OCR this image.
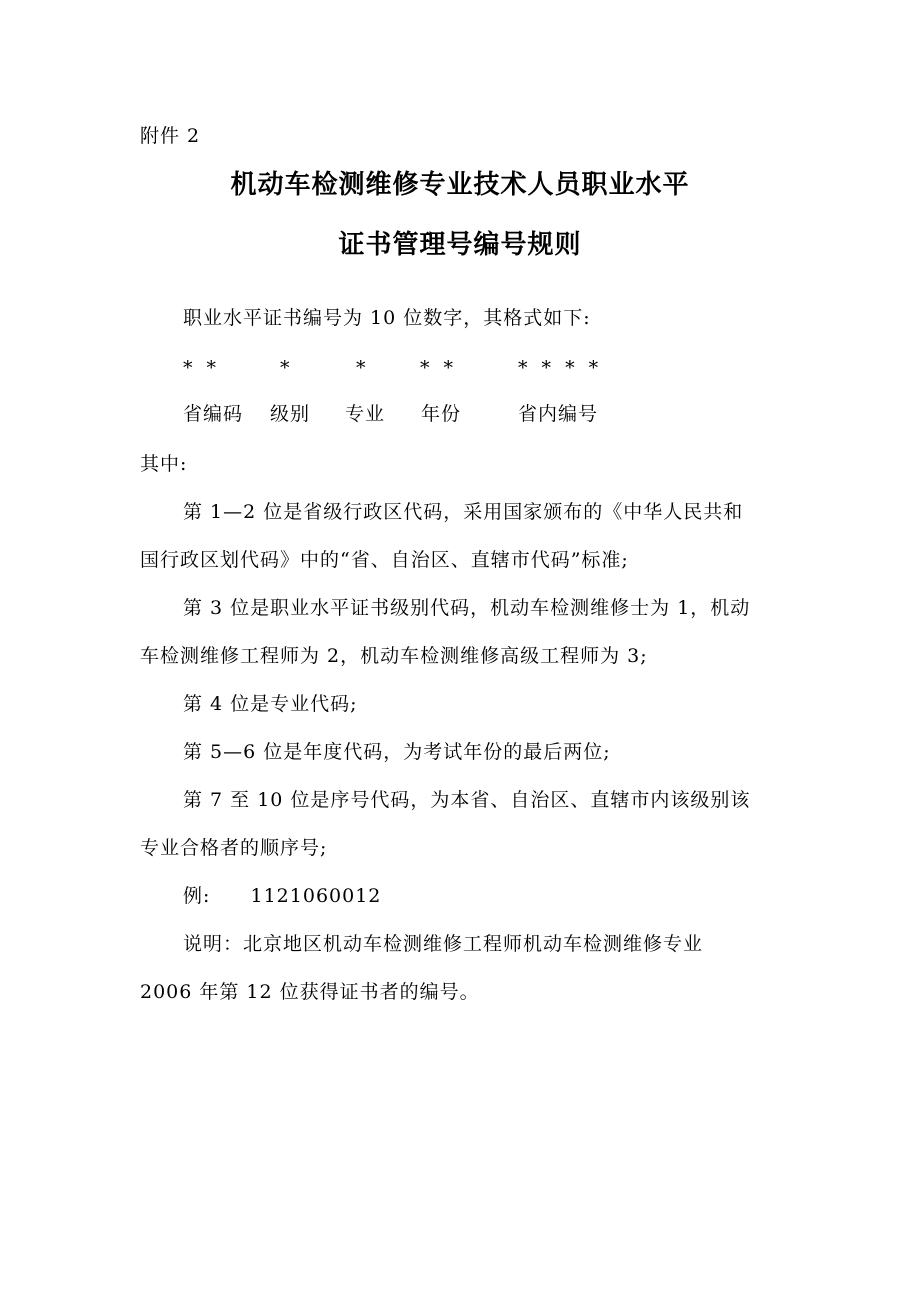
附件 2
机动车检测维修专业技术人员职业水平
证书管理号编号规则
职业水平证书编号为 10 位数字，其格式如下:
* *	*	*	* *	* * * *
省编码 级别 专业 年份	省内编号
其中:
第 1—2 位是省级行政区代码，采用国家颁布的《中华人民共和
国行政区划代码》中的“省、自治区、直辖市代码”标准;
第 3 位是职业水平证书级别代码，机动车检测维修士为 1，机动
车检测维修工程师为 2，机动车检测维修高级工程师为 3;
第 4 位是专业代码;
第 5—6 位是年度代码，为考试年份的最后两位;
第 7 至 10 位是序号代码，为本省、自治区、直辖市内该级别该
专业合格者的顺序号;
例: 1121060012
说明：北京地区机动车检测维修工程师机动车检测维修专业
2006 年第 12 位获得证书者的编号。
